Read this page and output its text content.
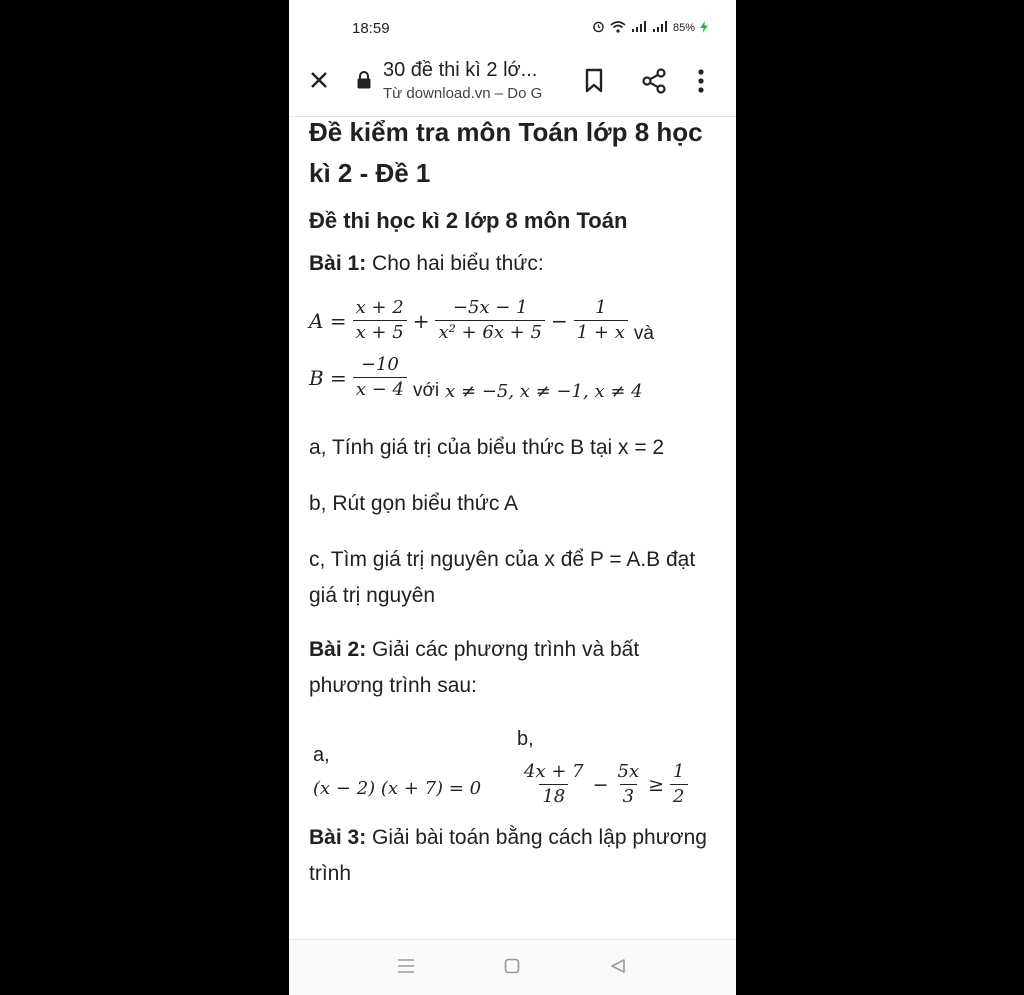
18:59	85%
30 đề thi kì 2 lớ...
Từ download.vn – Do G
Đề kiểm tra môn Toán lớp 8 học kì 2 - Đề 1
Đề thi học kì 2 lớp 8 môn Toán
Bài 1: Cho hai biểu thức:
$A = \frac{x + 2}{x + 5} + \frac{-5x - 1}{\text{x² + 6x + 5}} - \frac{1}{1 + x}$ và
$B = \frac{-10}{x - 4}$ với x ≠ −5, x ≠ −1, x ≠ 4
a, Tính giá trị của biểu thức B tại x = 2
b, Rút gọn biểu thức A
c, Tìm giá trị nguyên của x để P = A.B đạt giá trị nguyên
Bài 2: Giải các phương trình và bất phương trình sau:
a,
(x − 2) (x + 7) = 0
b,
$\frac{4x + 7}{18} - \frac{5x}{3} \ge \frac{1}{2}$
Bài 3: Giải bài toán bằng cách lập phương trình
